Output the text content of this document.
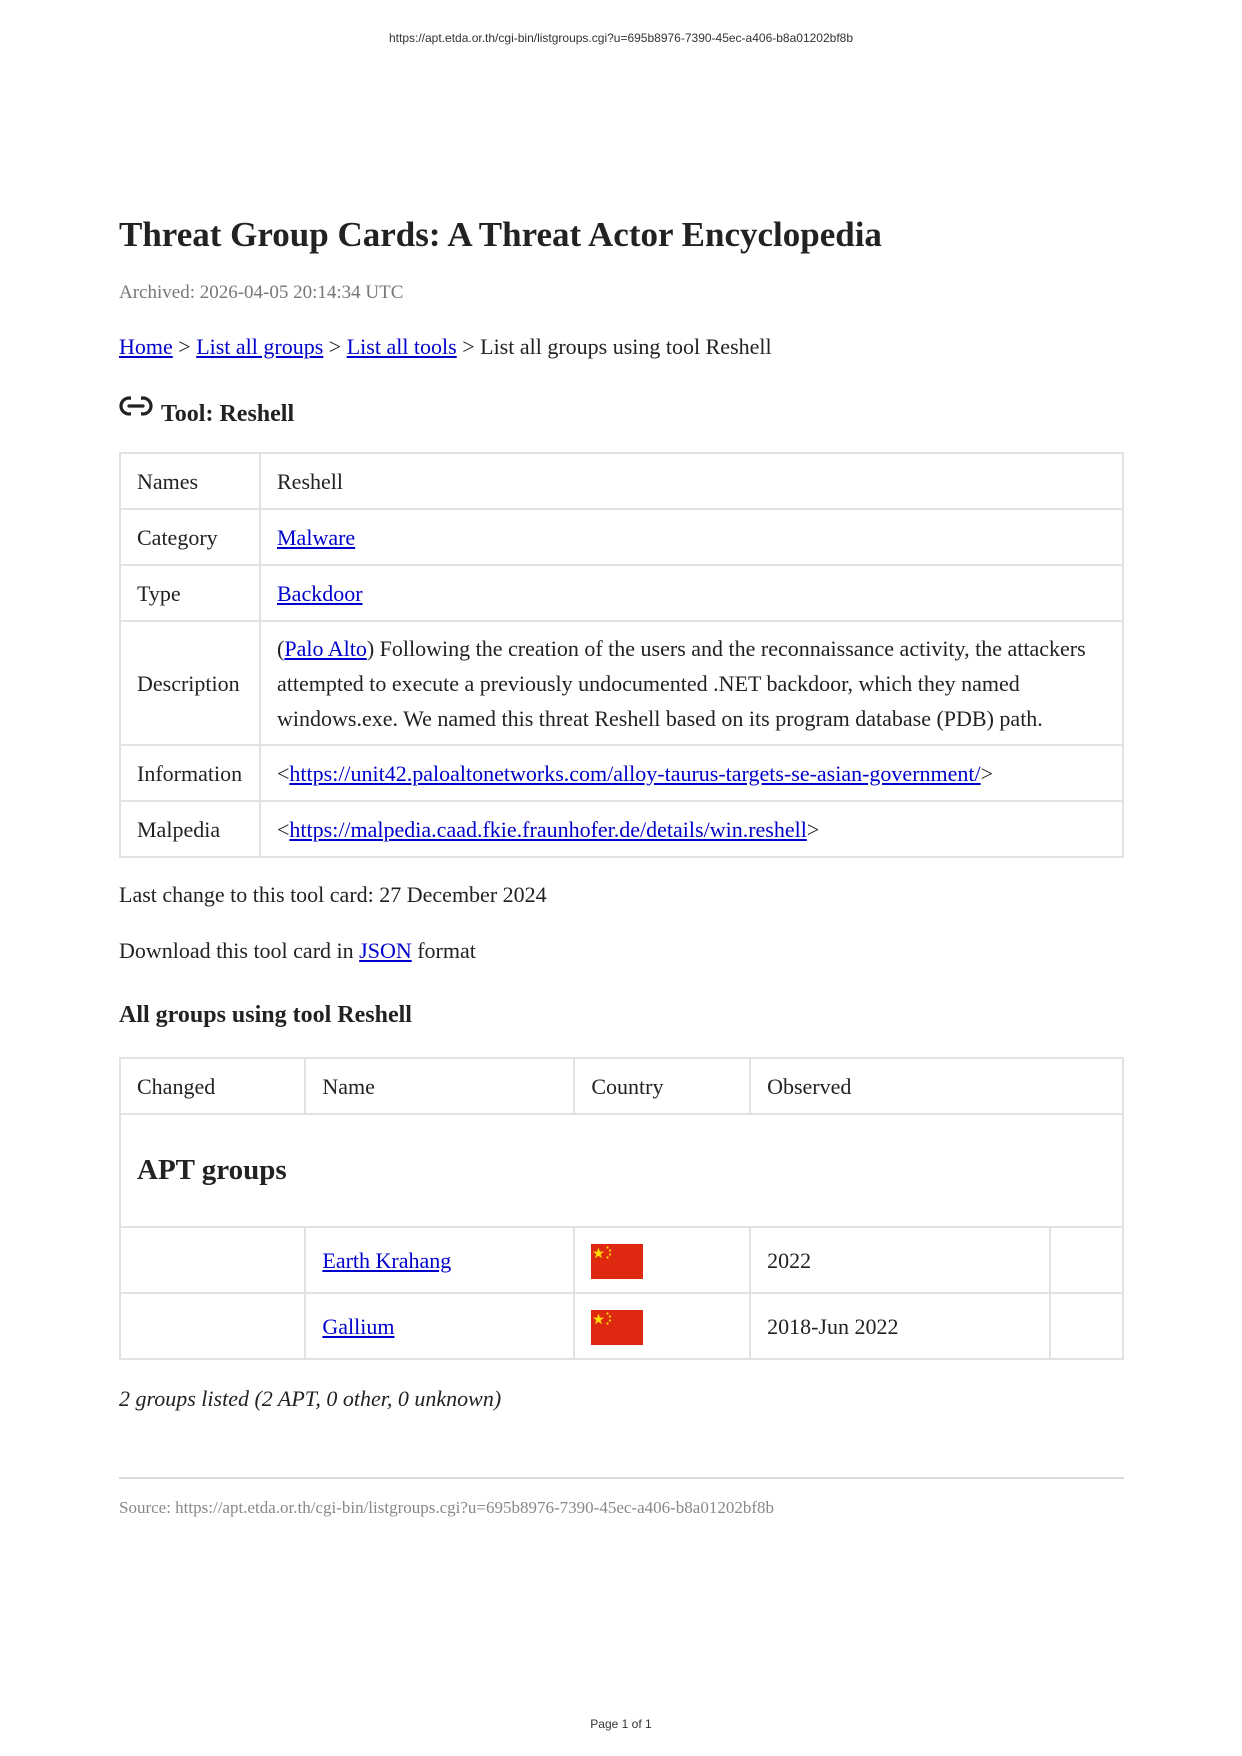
https://apt.etda.or.th/cgi-bin/listgroups.cgi?u=695b8976-7390-45ec-a406-b8a01202bf8b
Threat Group Cards: A Threat Actor Encyclopedia
Archived: 2026-04-05 20:14:34 UTC
Home > List all groups > List all tools > List all groups using tool Reshell
Tool: Reshell
Names	Reshell
Category	Malware
Type	Backdoor
Description	(Palo Alto) Following the creation of the users and the reconnaissance activity, the attackers attempted to execute a previously undocumented .NET backdoor, which they named windows.exe. We named this threat Reshell based on its program database (PDB) path.
Information	<https://unit42.paloaltonetworks.com/alloy-taurus-targets-se-asian-government/>
Malpedia	<https://malpedia.caad.fkie.fraunhofer.de/details/win.reshell>
Last change to this tool card: 27 December 2024
Download this tool card in JSON format
All groups using tool Reshell
Changed	Name	Country	Observed	
APT groups				
	Earth Krahang		2022	
	Gallium		2018-Jun 2022	
2 groups listed (2 APT, 0 other, 0 unknown)
Source: https://apt.etda.or.th/cgi-bin/listgroups.cgi?u=695b8976-7390-45ec-a406-b8a01202bf8b
Page 1 of 1
